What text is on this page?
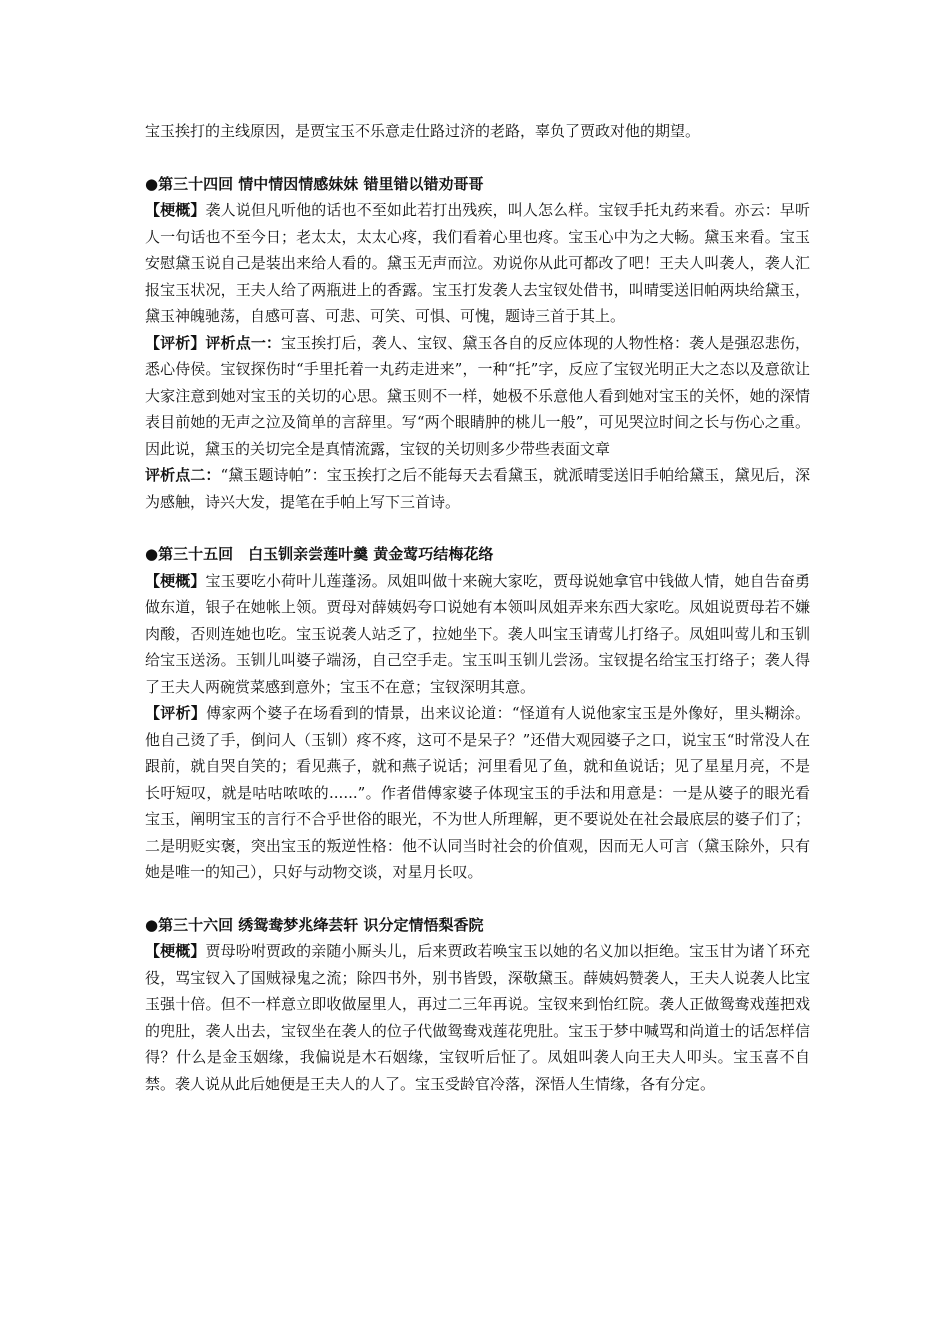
宝玉挨打的主线原因，是贾宝玉不乐意走仕路过济的老路，辜负了贾政对他的期望。

●第三十四回 情中情因情感妹妹 错里错以错劝哥哥

【梗概】袭人说但凡听他的话也不至如此若打出残疾，叫人怎么样。宝钗手托丸药来看。亦云：早听人一句话也不至今日；老太太，太太心疼，我们看着心里也疼。宝玉心中为之大畅。黛玉来看。宝玉安慰黛玉说自己是装出来给人看的。黛玉无声而泣。劝说你从此可都改了吧！王夫人叫袭人，袭人汇报宝玉状况，王夫人给了两瓶进上的香露。宝玉打发袭人去宝钗处借书，叫晴雯送旧帕两块给黛玉，黛玉神魄驰荡，自感可喜、可悲、可笑、可惧、可愧，题诗三首于其上。

【评析】评析点一：宝玉挨打后，袭人、宝钗、黛玉各自的反应体现的人物性格：袭人是强忍悲伤，悉心侍侯。宝钗探伤时“手里托着一丸药走进来”，一种“托”字，反应了宝钗光明正大之态以及意欲让大家注意到她对宝玉的关切的心思。黛玉则不一样，她极不乐意他人看到她对宝玉的关怀，她的深情表目前她的无声之泣及简单的言辞里。写“两个眼睛肿的桃儿一般”，可见哭泣时间之长与伤心之重。因此说，黛玉的关切完全是真情流露，宝钗的关切则多少带些表面文章

评析点二：“黛玉题诗帕”：宝玉挨打之后不能每天去看黛玉，就派晴雯送旧手帕给黛玉，黛见后，深为感触，诗兴大发，提笔在手帕上写下三首诗。

●第三十五回　白玉钏亲尝莲叶羹 黄金莺巧结梅花络

【梗概】宝玉要吃小荷叶儿莲蓬汤。凤姐叫做十来碗大家吃，贾母说她拿官中钱做人情，她自告奋勇做东道，银子在她帐上领。贾母对薛姨妈夸口说她有本领叫凤姐弄来东西大家吃。凤姐说贾母若不嫌肉酸，否则连她也吃。宝玉说袭人站乏了，拉她坐下。袭人叫宝玉请莺儿打络子。凤姐叫莺儿和玉钏给宝玉送汤。玉钏儿叫婆子端汤，自己空手走。宝玉叫玉钏儿尝汤。宝钗提名给宝玉打络子；袭人得了王夫人两碗赏菜感到意外；宝玉不在意；宝钗深明其意。

【评析】傅家两个婆子在场看到的情景，出来议论道：“怪道有人说他家宝玉是外像好，里头糊涂。他自己烫了手，倒问人（玉钏）疼不疼，这可不是呆子？”还借大观园婆子之口，说宝玉“时常没人在跟前，就自哭自笑的；看见燕子，就和燕子说话；河里看见了鱼，就和鱼说话；见了星星月亮，不是长吁短叹，就是咕咕哝哝的......”。作者借傅家婆子体现宝玉的手法和用意是：一是从婆子的眼光看宝玉，阐明宝玉的言行不合乎世俗的眼光，不为世人所理解，更不要说处在社会最底层的婆子们了；二是明贬实褒，突出宝玉的叛逆性格：他不认同当时社会的价值观，因而无人可言（黛玉除外，只有她是唯一的知己），只好与动物交谈，对星月长叹。

●第三十六回 绣鸳鸯梦兆绛芸轩 识分定情悟梨香院

【梗概】贾母吩咐贾政的亲随小厮头儿，后来贾政若唤宝玉以她的名义加以拒绝。宝玉甘为诸丫环充役，骂宝钗入了国贼禄鬼之流；除四书外，别书皆毁，深敬黛玉。薛姨妈赞袭人，王夫人说袭人比宝玉强十倍。但不一样意立即收做屋里人，再过二三年再说。宝钗来到怡红院。袭人正做鸳鸯戏莲把戏的兜肚，袭人出去，宝钗坐在袭人的位子代做鸳鸯戏莲花兜肚。宝玉于梦中喊骂和尚道士的话怎样信得？什么是金玉姻缘，我偏说是木石姻缘，宝钗听后怔了。凤姐叫袭人向王夫人叩头。宝玉喜不自禁。袭人说从此后她便是王夫人的人了。宝玉受龄官冷落，深悟人生情缘，各有分定。
